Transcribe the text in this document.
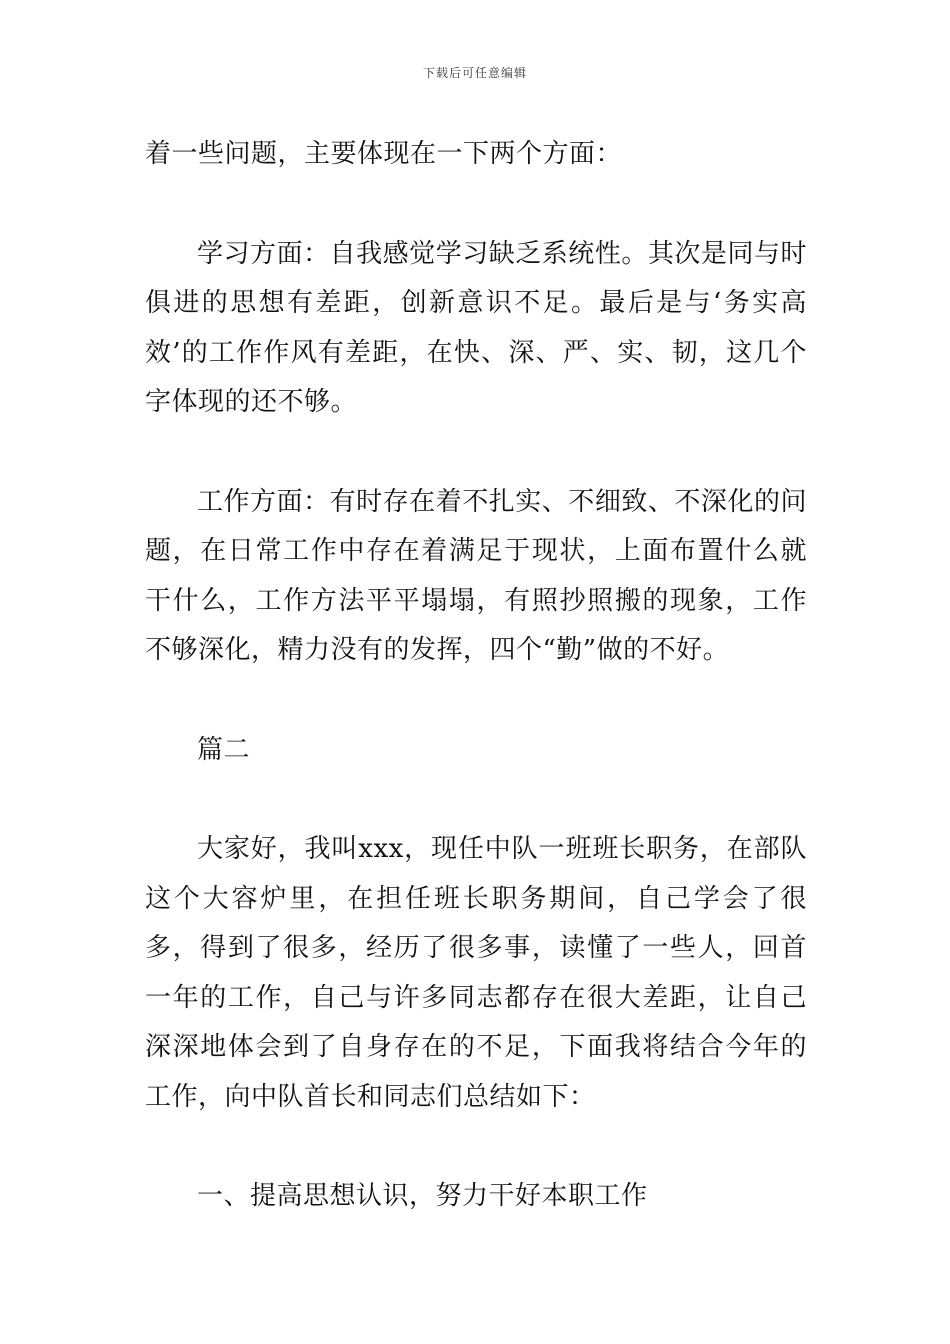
下载后可任意编辑

着一些问题，主要体现在一下两个方面：

学习方面：自我感觉学习缺乏系统性。其次是同与时俱进的思想有差距，创新意识不足。最后是与‘务实高效’的工作作风有差距，在快、深、严、实、韧，这几个字体现的还不够。

工作方面：有时存在着不扎实、不细致、不深化的问题，在日常工作中存在着满足于现状，上面布置什么就干什么，工作方法平平塌塌，有照抄照搬的现象，工作不够深化，精力没有的发挥，四个“勤”做的不好。

篇二

大家好，我叫xxx，现任中队一班班长职务，在部队这个大容炉里，在担任班长职务期间，自己学会了很多，得到了很多，经历了很多事，读懂了一些人，回首一年的工作，自己与许多同志都存在很大差距，让自己深深地体会到了自身存在的不足，下面我将结合今年的工作，向中队首长和同志们总结如下：

一、提高思想认识，努力干好本职工作
